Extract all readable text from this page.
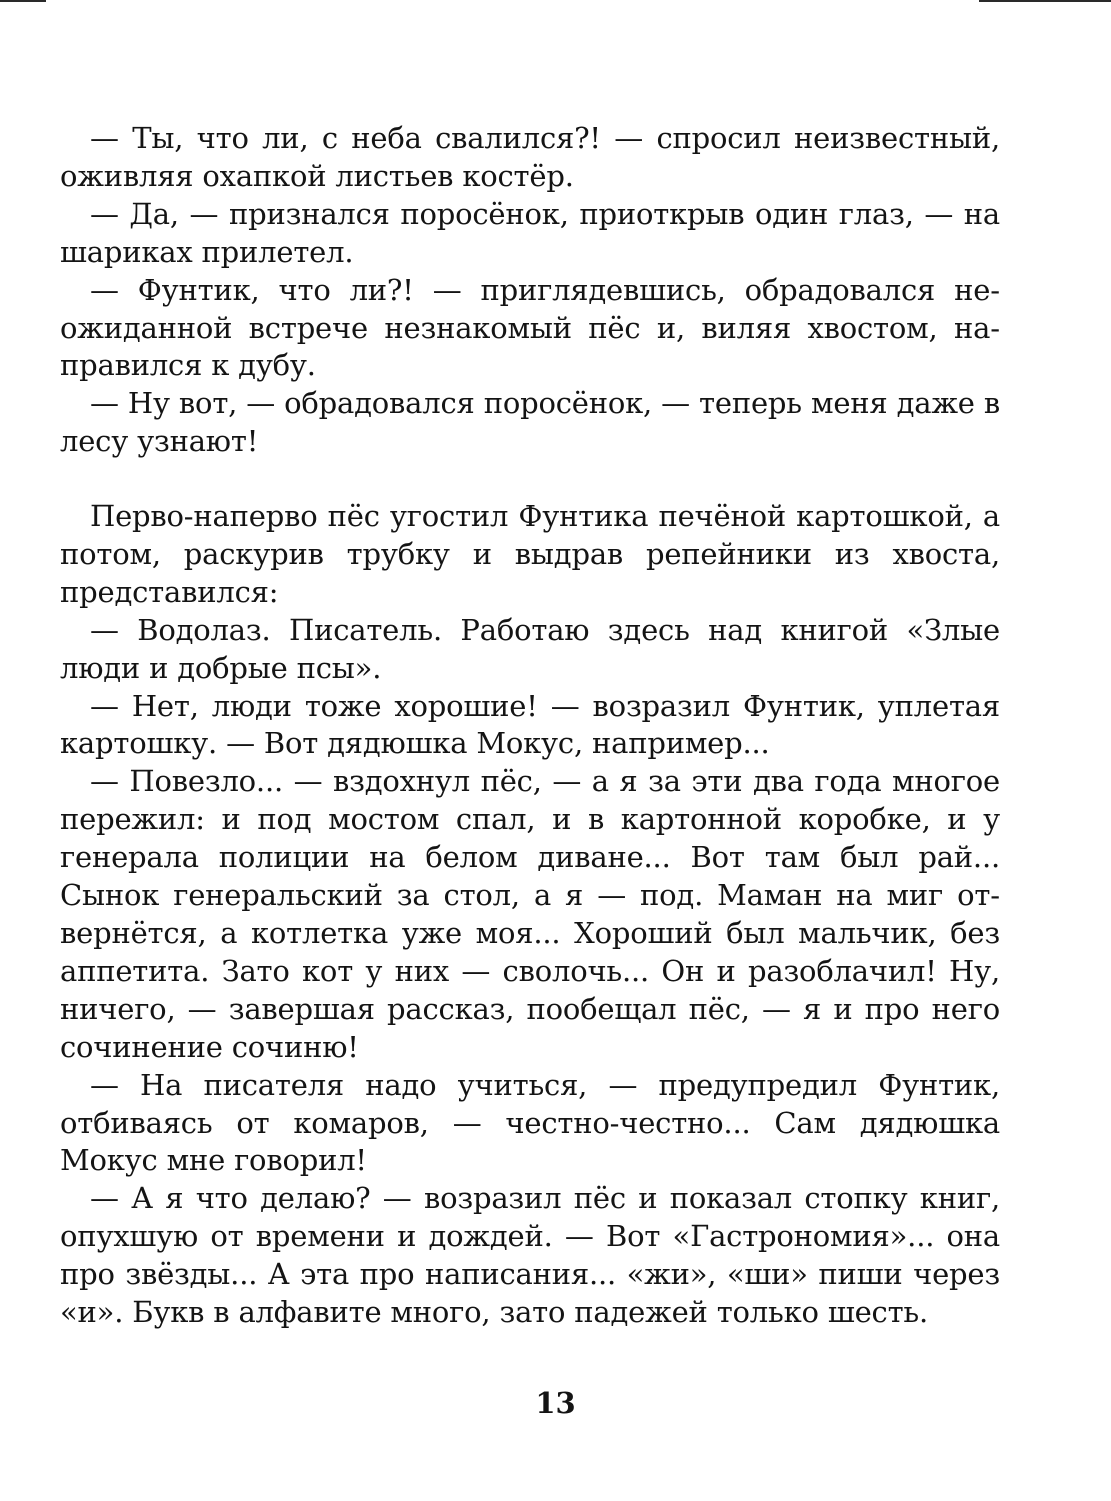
— Ты, что ли, с неба свалился?! — спросил неизвестный, оживляя охапкой листьев костёр.

— Да, — признался поросёнок, приоткрыв один глаз, — на шариках прилетел.

— Фунтик, что ли?! — приглядевшись, обрадовался неожиданной встрече незнакомый пёс и, виляя хвостом, направился к дубу.

— Ну вот, — обрадовался поросёнок, — теперь меня даже в лесу узнают!

Перво-наперво пёс угостил Фунтика печёной картошкой, а потом, раскурив трубку и выдрав репейники из хвоста, представился:

— Водолаз. Писатель. Работаю здесь над книгой «Злые люди и добрые псы».

— Нет, люди тоже хорошие! — возразил Фунтик, уплетая картошку. — Вот дядюшка Мокус, например...

— Повезло... — вздохнул пёс, — а я за эти два года многое пережил: и под мостом спал, и в картонной коробке, и у генерала полиции на белом диване... Вот там был рай... Сынок генеральский за стол, а я — под. Маман на миг отвернётся, а котлетка уже моя... Хороший был мальчик, без аппетита. Зато кот у них — сволочь... Он и разоблачил! Ну, ничего, — завершая рассказ, пообещал пёс, — я и про него сочинение сочиню!

— На писателя надо учиться, — предупредил Фунтик, отбиваясь от комаров, — честно-честно... Сам дядюшка Мокус мне говорил!

— А я что делаю? — возразил пёс и показал стопку книг, опухшую от времени и дождей. — Вот «Гастрономия»... она про звёзды... А эта про написания... «жи», «ши» пиши через «и». Букв в алфавите много, зато падежей только шесть.

13
